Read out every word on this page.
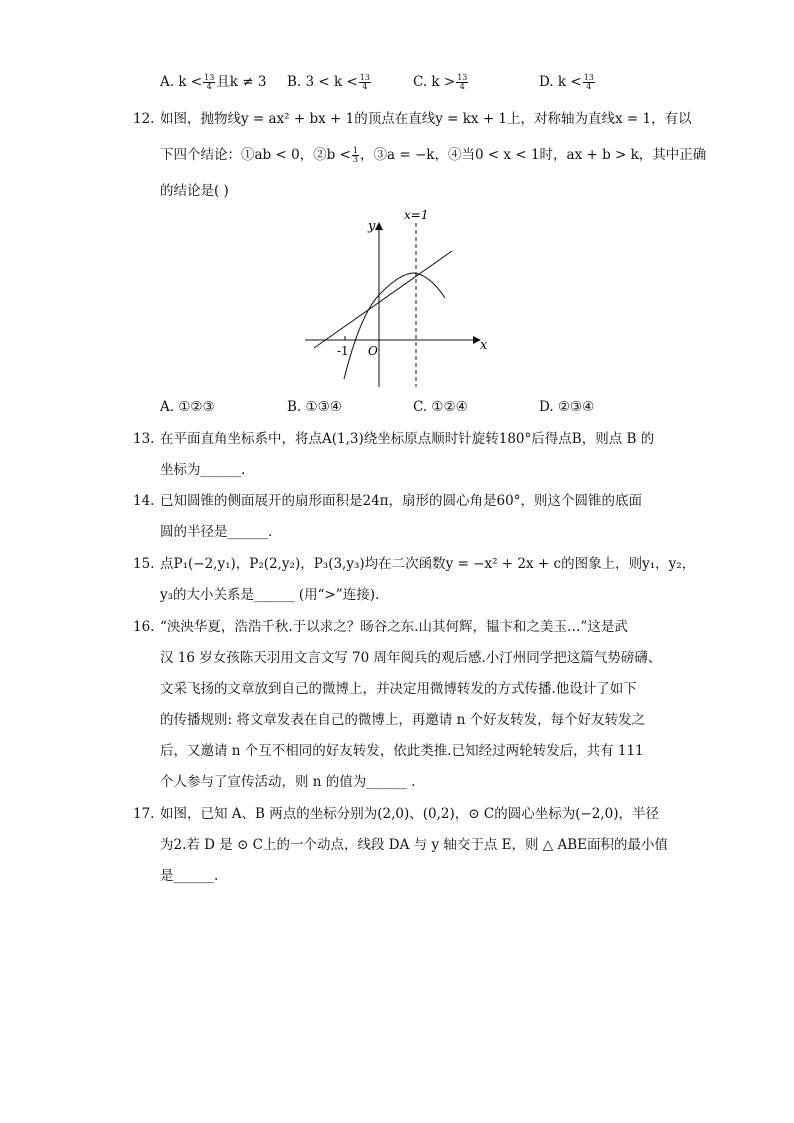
A. $k < \frac{13}{4}$ 且k ≠ 3 B. $3 < k < \frac{13}{4}$	C. $k > \frac{13}{4}$	D. $k < \frac{13}{4}$
12. 如图，抛物线y = ax² + bx + 1的顶点在直线y = kx + 1上，对称轴为直线x = 1，有以
下四个结论：①ab < 0，②b < $\frac{1}{3}$ ，③a = −k，④当0 < x < 1时，ax + b > k，其中正确
的结论是( )
y
x
x=1
O
-1
A. ①②③	B. ①③④	C. ①②④	D. ②③④
13. 在平面直角坐标系中，将点A(1,3)绕坐标原点顺时针旋转180°后得点B，则点 B 的
坐标为______.
14. 已知圆锥的侧面展开的扇形面积是24π，扇形的圆心角是60°，则这个圆锥的底面
圆的半径是______.
15. 点P₁(−2,y₁)，P₂(2,y₂)，P₃(3,y₃)均在二次函数y = −x² + 2x + c的图象上，则y₁，y₂，
y₃的大小关系是______ (用“>”连接).
16. “泱泱华夏，浩浩千秋.于以求之？旸谷之东.山其何辉，韫卞和之美玉…”这是武
汉 16 岁女孩陈天羽用文言文写 70 周年阅兵的观后感.小汀州同学把这篇气势磅礴、
文采飞扬的文章放到自己的微博上，并决定用微博转发的方式传播.他设计了如下
的传播规则: 将文章发表在自己的微博上，再邀请 n 个好友转发，每个好友转发之
后，又邀请 n 个互不相同的好友转发，依此类推.已知经过两轮转发后，共有 111
个人参与了宣传活动，则 n 的值为______ .
17. 如图，已知 A、B 两点的坐标分别为(2,0)、(0,2)，⊙ C的圆心坐标为(−2,0)，半径
为2.若 D 是 ⊙ C上的一个动点，线段 DA 与 y 轴交于点 E，则 △ ABE面积的最小值
是______.
